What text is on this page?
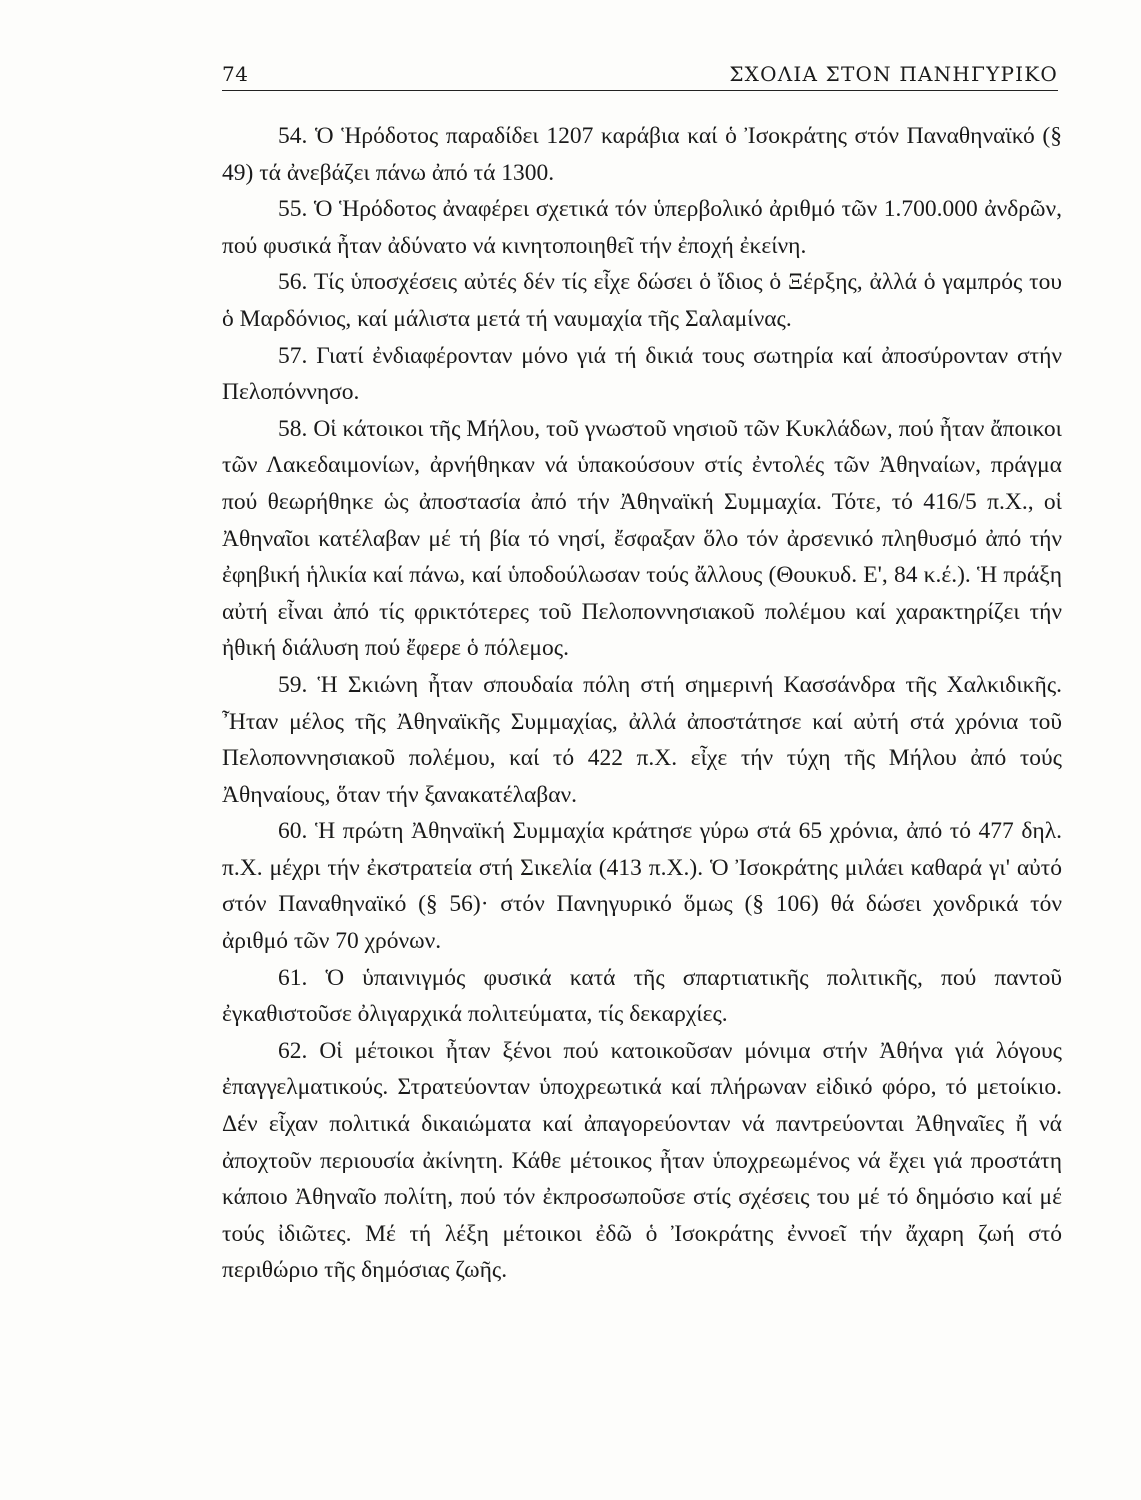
74	ΣΧΟΛΙΑ ΣΤΟΝ ΠΑΝΗΓΥΡΙΚΟ

54. Ὁ Ἡρόδοτος παραδίδει 1207 καράβια καί ὁ Ἰσοκράτης στόν Παναθηναϊκό (§ 49) τά ἀνεβάζει πάνω ἀπό τά 1300.

55. Ὁ Ἡρόδοτος ἀναφέρει σχετικά τόν ὑπερβολικό ἀριθμό τῶν 1.700.000 ἀνδρῶν, πού φυσικά ἦταν ἀδύνατο νά κινητοποιηθεῖ τήν ἐποχή ἐκείνη.

56. Τίς ὑποσχέσεις αὐτές δέν τίς εἶχε δώσει ὁ ἴδιος ὁ Ξέρξης, ἀλλά ὁ γαμπρός του ὁ Μαρδόνιος, καί μάλιστα μετά τή ναυμαχία τῆς Σαλαμίνας.

57. Γιατί ἐνδιαφέρονταν μόνο γιά τή δικιά τους σωτηρία καί ἀποσύρονταν στήν Πελοπόννησο.

58. Οἱ κάτοικοι τῆς Μήλου, τοῦ γνωστοῦ νησιοῦ τῶν Κυκλάδων, πού ἦταν ἄποικοι τῶν Λακεδαιμονίων, ἀρνήθηκαν νά ὑπακούσουν στίς ἐντολές τῶν Ἀθηναίων, πράγμα πού θεωρήθηκε ὡς ἀποστασία ἀπό τήν Ἀθηναϊκή Συμμαχία. Τότε, τό 416/5 π.Χ., οἱ Ἀθηναῖοι κατέλαβαν μέ τή βία τό νησί, ἔσφαξαν ὅλο τόν ἀρσενικό πληθυσμό ἀπό τήν ἐφηβική ἡλικία καί πάνω, καί ὑποδούλωσαν τούς ἄλλους (Θουκυδ. Ε', 84 κ.έ.). Ἡ πράξη αὐτή εἶναι ἀπό τίς φρικτότερες τοῦ Πελοποννησιακοῦ πολέμου καί χαρακτηρίζει τήν ἠθική διάλυση πού ἔφερε ὁ πόλεμος.

59. Ἡ Σκιώνη ἦταν σπουδαία πόλη στή σημερινή Κασσάνδρα τῆς Χαλκιδικῆς. Ἦταν μέλος τῆς Ἀθηναϊκῆς Συμμαχίας, ἀλλά ἀποστάτησε καί αὐτή στά χρόνια τοῦ Πελοποννησιακοῦ πολέμου, καί τό 422 π.Χ. εἶχε τήν τύχη τῆς Μήλου ἀπό τούς Ἀθηναίους, ὅταν τήν ξανακατέλαβαν.

60. Ἡ πρώτη Ἀθηναϊκή Συμμαχία κράτησε γύρω στά 65 χρόνια, ἀπό τό 477 δηλ. π.Χ. μέχρι τήν ἐκστρατεία στή Σικελία (413 π.Χ.). Ὁ Ἰσοκράτης μιλάει καθαρά γι' αὐτό στόν Παναθηναϊκό (§ 56)· στόν Πανηγυρικό ὅμως (§ 106) θά δώσει χονδρικά τόν ἀριθμό τῶν 70 χρόνων.

61. Ὁ ὑπαινιγμός φυσικά κατά τῆς σπαρτιατικῆς πολιτικῆς, πού παντοῦ ἐγκαθιστοῦσε ὀλιγαρχικά πολιτεύματα, τίς δεκαρχίες.

62. Οἱ μέτοικοι ἦταν ξένοι πού κατοικοῦσαν μόνιμα στήν Ἀθήνα γιά λόγους ἐπαγγελματικούς. Στρατεύονταν ὑποχρεωτικά καί πλήρωναν εἰδικό φόρο, τό μετοίκιο. Δέν εἶχαν πολιτικά δικαιώματα καί ἀπαγορεύονταν νά παντρεύονται Ἀθηναῖες ἤ νά ἀποχτοῦν περιουσία ἀκίνητη. Κάθε μέτοικος ἦταν ὑποχρεωμένος νά ἔχει γιά προστάτη κάποιο Ἀθηναῖο πολίτη, πού τόν ἐκπροσωποῦσε στίς σχέσεις του μέ τό δημόσιο καί μέ τούς ἰδιῶτες. Μέ τή λέξη μέτοικοι ἐδῶ ὁ Ἰσοκράτης ἐννοεῖ τήν ἄχαρη ζωή στό περιθώριο τῆς δημόσιας ζωῆς.
